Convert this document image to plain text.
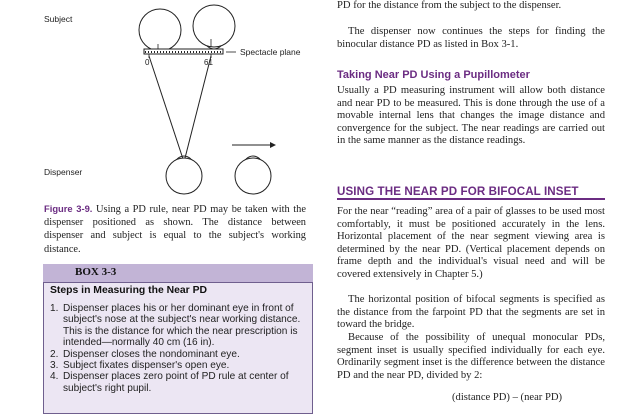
Subject
Spectacle plane
0	61
Dispenser
Figure 3-9. Using a PD rule, near PD may be taken with the dispenser positioned as shown. The distance between dispenser and subject is equal to the subject's working distance.
BOX 3-3
Steps in Measuring the Near PD
1. Dispenser places his or her dominant eye in front of subject's nose at the subject's near working distance. This is the distance for which the near prescription is intended—normally 40 cm (16 in).
2. Dispenser closes the nondominant eye.
3. Subject fixates dispenser's open eye.
4. Dispenser places zero point of PD rule at center of subject's right pupil.

PD for the distance from the subject to the dispenser.

The dispenser now continues the steps for finding the binocular distance PD as listed in Box 3-1.

Taking Near PD Using a Pupillometer

Usually a PD measuring instrument will allow both distance and near PD to be measured. This is done through the use of a movable internal lens that changes the image distance and convergence for the subject. The near readings are carried out in the same manner as the distance readings.

USING THE NEAR PD FOR BIFOCAL INSET

For the near “reading” area of a pair of glasses to be used most comfortably, it must be positioned accurately in the lens. Horizontal placement of the near segment viewing area is determined by the near PD. (Vertical placement depends on frame depth and the individual's visual need and will be covered extensively in Chapter 5.)

The horizontal position of bifocal segments is specified as the distance from the farpoint PD that the segments are set in toward the bridge.

Because of the possibility of unequal monocular PDs, segment inset is usually specified individually for each eye. Ordinarily segment inset is the difference between the distance PD and the near PD, divided by 2:

(distance PD) – (near PD)
